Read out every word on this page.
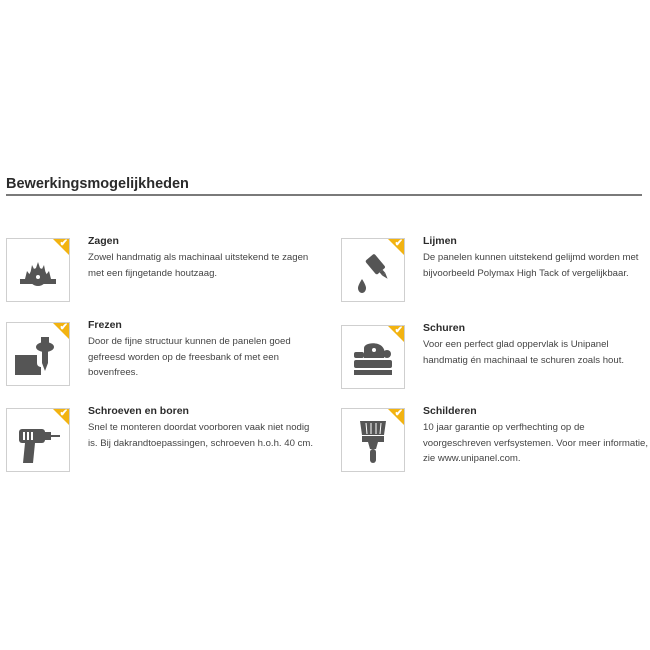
Bewerkingsmogelijkheden
✔ Zagen

Zowel handmatig als machinaal uitstekend te zagen met een fijngetande houtzaag.

✔ Lijmen

De panelen kunnen uitstekend gelijmd worden met bijvoorbeeld Polymax High Tack of vergelijkbaar.

✔ Frezen

Door de fijne structuur kunnen de panelen goed gefreesd worden op de freesbank of met een bovenfrees.

✔ Schuren

Voor een perfect glad oppervlak is Unipanel handmatig én machinaal te schuren zoals hout.

✔ Schroeven en boren

Snel te monteren doordat voorboren vaak niet nodig is. Bij dakrandtoepassingen, schroeven h.o.h. 40 cm.

✔ Schilderen

10 jaar garantie op verfhechting op de voorgeschreven verfsystemen. Voor meer informatie, zie www.unipanel.com.
